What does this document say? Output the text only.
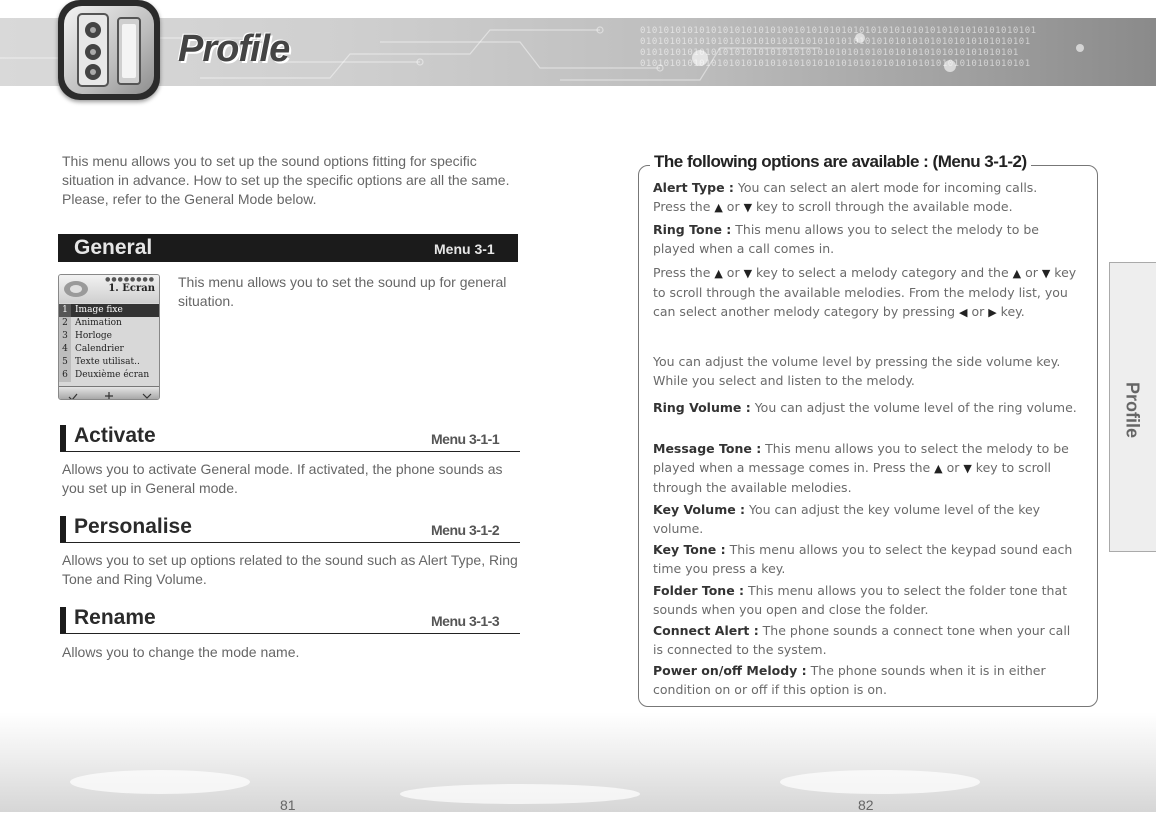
0101010101010101010101010010101010101010101010101010101010101010101
010101010101010101010101010101010101010101010101010101010101010101
0101010101010101010101010101010101010101010101010101010101010101
010101010101010101010101010101010101010101010101010101010101010101
Profile
This menu allows you to set up the sound options fitting for specific situation in advance. How to set up the specific options are all the same. Please, refer to the General Mode below.
General	Menu 3-1
●●●●●●●●
1. Ecran
1 Image fixe
2 Animation
3 Horloge
4 Calendrier
5 Texte utilisat..
6 Deuxième écran
This menu allows you to set the sound up for general situation.
Activate	Menu 3-1-1
Allows you to activate General mode. If activated, the phone sounds as you set up in General mode.
Personalise	Menu 3-1-2
Allows you to set up options related to the sound such as Alert Type, Ring Tone and Ring Volume.
Rename	Menu 3-1-3
Allows you to change the mode name.
The following options are available : (Menu 3-1-2)
Alert Type : You can select an alert mode for incoming calls.
Press the ▲ or ▼ key to scroll through the available mode.
Ring Tone : This menu allows you to select the melody to be played when a call comes in.
Press the ▲ or ▼ key to select a melody category and the ▲ or ▼ key to scroll through the available melodies. From the melody list, you can select another melody category by pressing ◀ or ▶ key.
You can adjust the volume level by pressing the side volume key. While you select and listen to the melody.
Ring Volume : You can adjust the volume level of the ring volume.
Message Tone : This menu allows you to select the melody to be played when a message comes in. Press the ▲ or ▼ key to scroll through the available melodies.
Key Volume : You can adjust the key volume level of the key volume.
Key Tone : This menu allows you to select the keypad sound each time you press a key.
Folder Tone : This menu allows you to select the folder tone that sounds when you open and close the folder.
Connect Alert : The phone sounds a connect tone when your call is connected to the system.
Power on/off Melody : The phone sounds when it is in either condition on or off if this option is on.
Profile
81	82
